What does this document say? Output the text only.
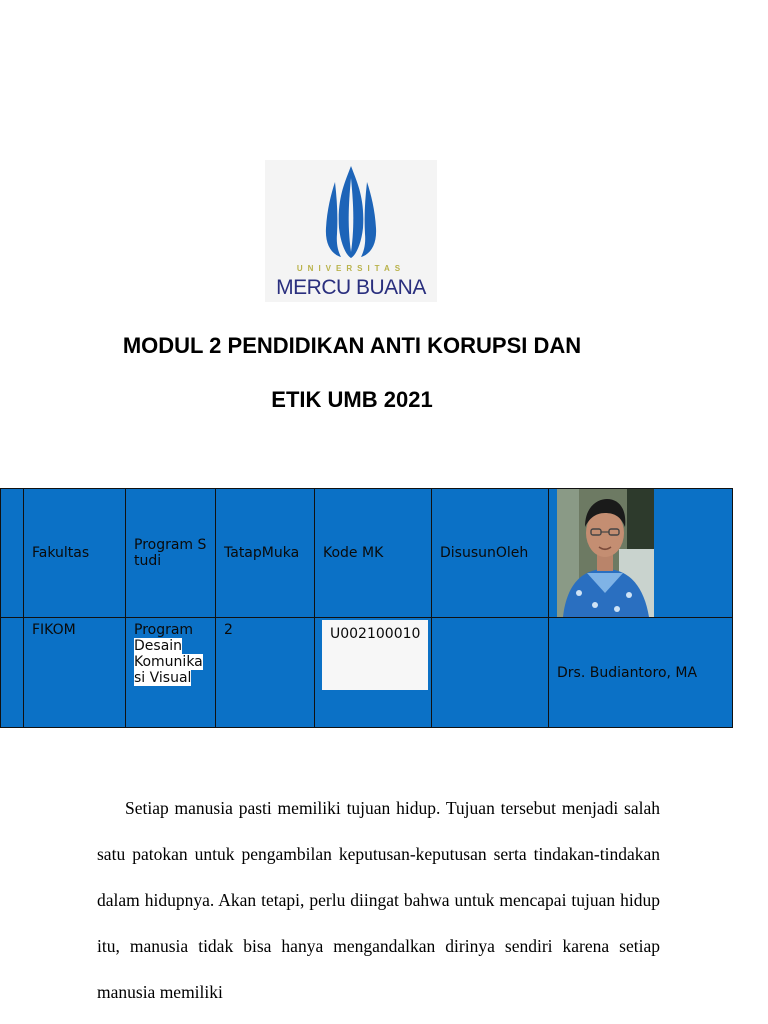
UNIVERSITAS
MERCU BUANA
MODUL 2 PENDIDIKAN ANTI KORUPSI DAN
ETIK UMB 2021
	Fakultas	Program Studi	TatapMuka	Kode MK	DisusunOleh	

	FIKOM	Program
Desain
Komunika
si Visual	2	U002100010		Drs. Budiantoro, MA
Setiap manusia pasti memiliki tujuan hidup. Tujuan tersebut menjadi salah satu patokan untuk pengambilan keputusan-keputusan serta tindakan-tindakan dalam hidupnya. Akan tetapi, perlu diingat bahwa untuk mencapai tujuan hidup itu, manusia tidak bisa hanya mengandalkan dirinya sendiri karena setiap manusia memiliki
